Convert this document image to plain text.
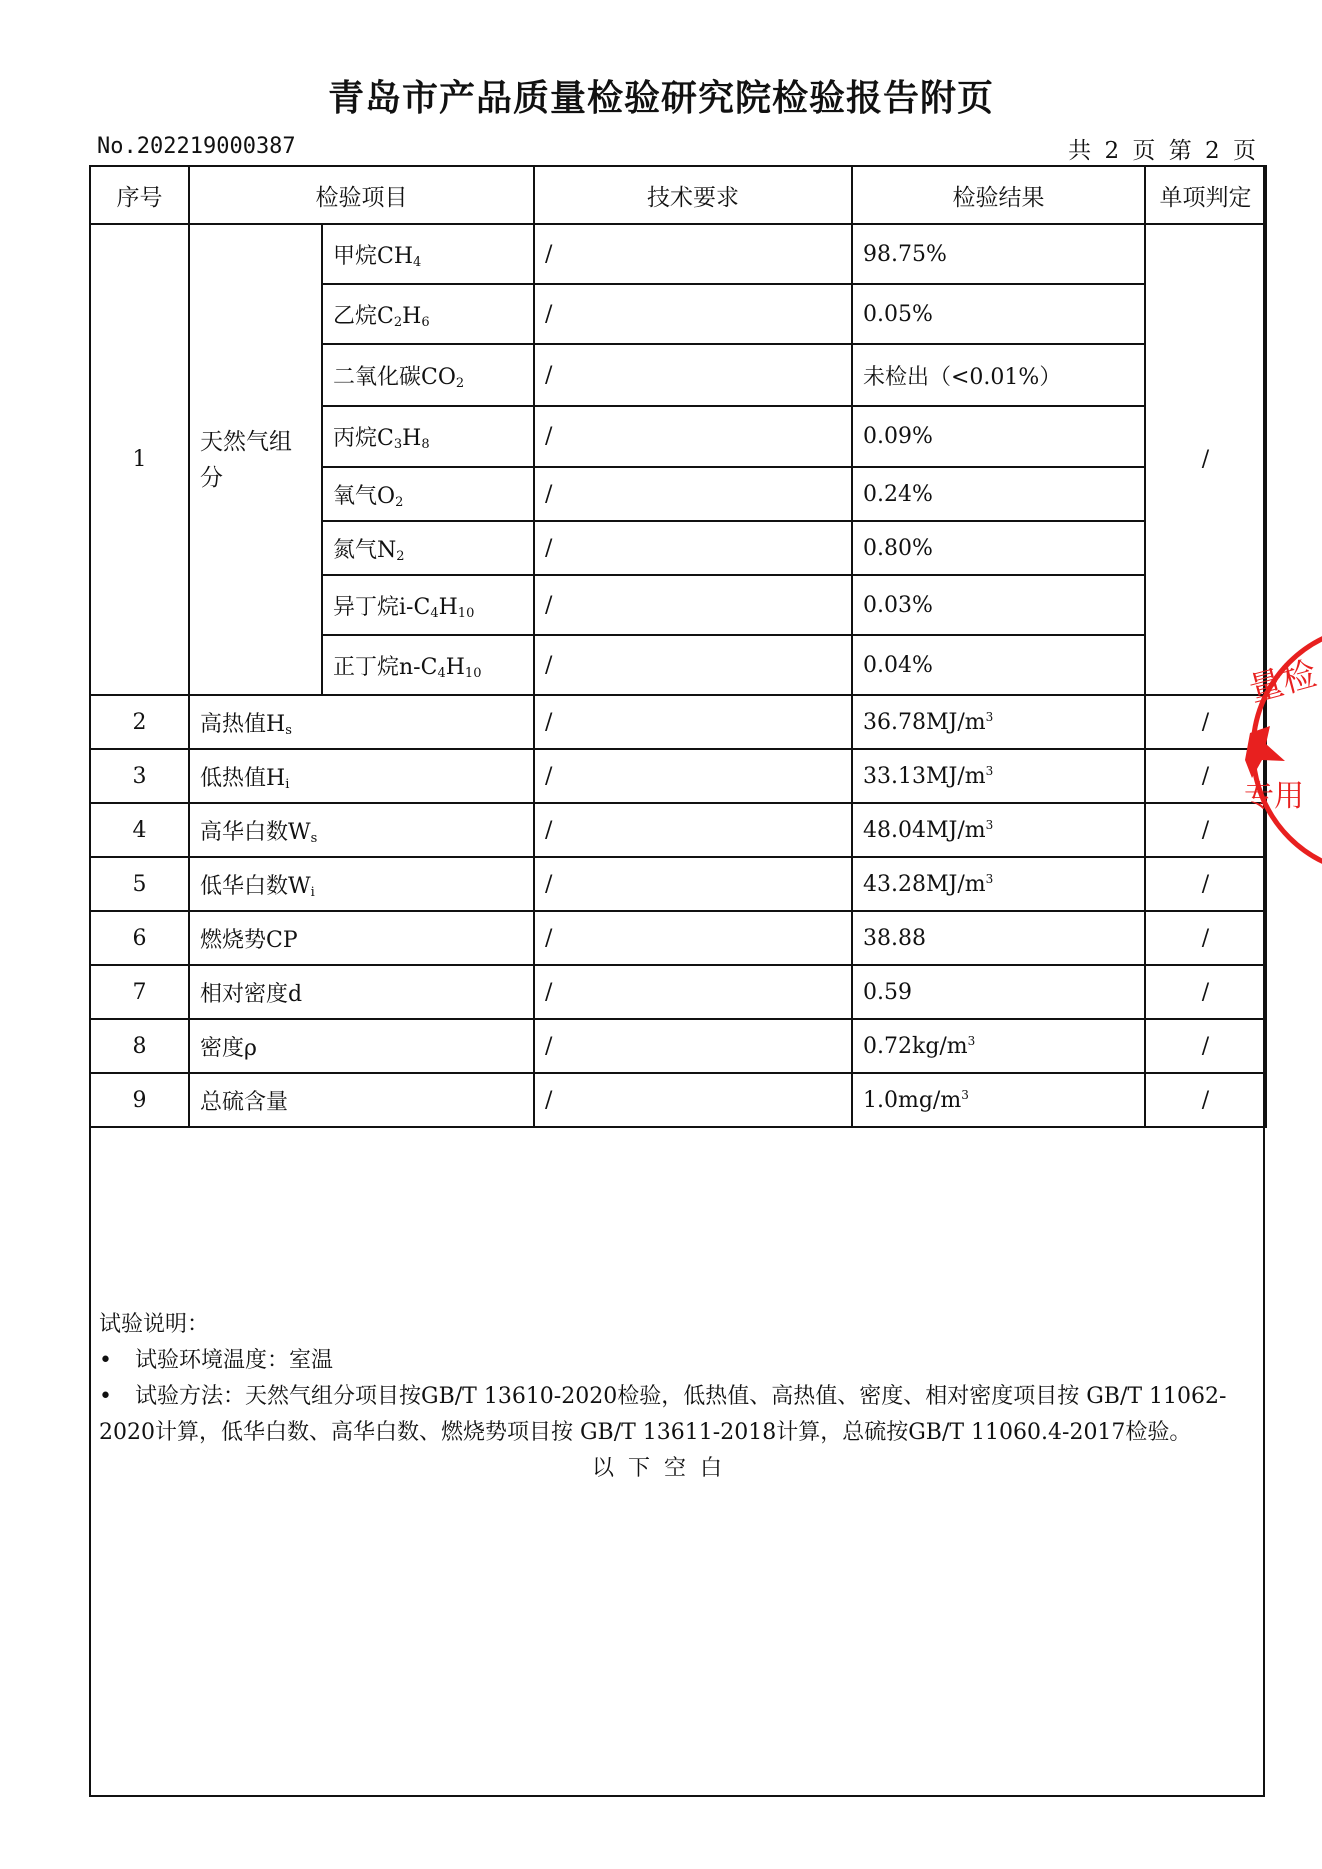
青岛市产品质量检验研究院检验报告附页
No.202219000387	共 2 页 第 2 页
序号	检验项目		技术要求	检验结果	单项判定
1	天然气组分	甲烷$CH_4$	/	98.75%	/
		乙烷$C_2H_6$	/	0.05%	
		二氧化碳$CO_2$	/	未检出（<0.01%）	
		丙烷$C_3H_8$	/	0.09%	
		氧气$O_2$	/	0.24%	
		氮气$N_2$	/	0.80%	
		异丁烷$i-C_4H_{10}$	/	0.03%	
		正丁烷$n-C_4H_{10}$	/	0.04%	
2	高热值$H_s$		/	$36.78MJ/m^3$	/
3	低热值$H_i$		/	$33.13MJ/m^3$	/
4	高华白数$W_s$		/	$48.04MJ/m^3$	/
5	低华白数$W_i$		/	$43.28MJ/m^3$	/
6	燃烧势CP		/	38.88	/
7	相对密度d		/	0.59	/
8	密度ρ		/	$0.72kg/m^3$	/
9	总硫含量		/	$1.0mg/m^3$	/
试验说明：
• 试验环境温度：室温
• 试验方法：天然气组分项目按GB/T 13610-2020检验，低热值、高热值、密度、相对密度项目按 GB/T 11062-2020计算，低华白数、高华白数、燃烧势项目按 GB/T 13611-2018计算，总硫按GB/T 11060.4-2017检验。
以下空白
量检
专用
